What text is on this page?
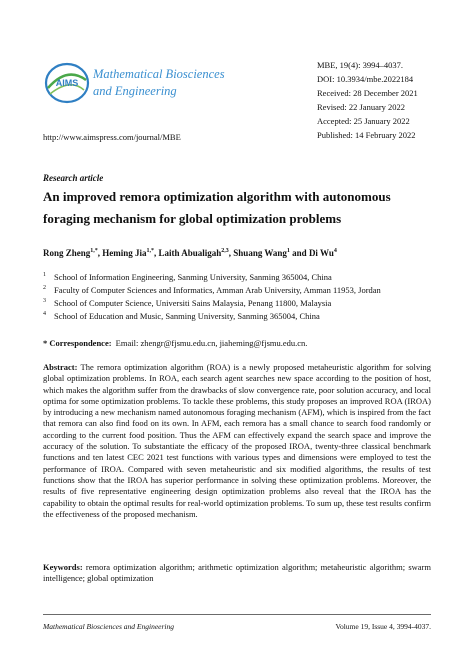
AIMS
Mathematical Biosciences
and Engineering
MBE, 19(4): 3994–4037.
DOI: 10.3934/mbe.2022184
Received: 28 December 2021
Revised: 22 January 2022
Accepted: 25 January 2022
Published: 14 February 2022
http://www.aimspress.com/journal/MBE
Research article
An improved remora optimization algorithm with autonomous foraging mechanism for global optimization problems
Rong Zheng$^{1,*}$, Heming Jia$^{1,*}$, Laith Abualigah$^{2,3}$, Shuang Wang$^1$ and Di Wu$^4$
$^1$ School of Information Engineering, Sanming University, Sanming 365004, China
$^2$ Faculty of Computer Sciences and Informatics, Amman Arab University, Amman 11953, Jordan
$^3$ School of Computer Science, Universiti Sains Malaysia, Penang 11800, Malaysia
$^4$ School of Education and Music, Sanming University, Sanming 365004, China
* Correspondence: Email: zhengr@fjsmu.edu.cn, jiaheming@fjsmu.edu.cn.
Abstract: The remora optimization algorithm (ROA) is a newly proposed metaheuristic algorithm for solving global optimization problems. In ROA, each search agent searches new space according to the position of host, which makes the algorithm suffer from the drawbacks of slow convergence rate, poor solution accuracy, and local optima for some optimization problems. To tackle these problems, this study proposes an improved ROA (IROA) by introducing a new mechanism named autonomous foraging mechanism (AFM), which is inspired from the fact that remora can also find food on its own. In AFM, each remora has a small chance to search food randomly or according to the current food position. Thus the AFM can effectively expand the search space and improve the accuracy of the solution. To substantiate the efficacy of the proposed IROA, twenty-three classical benchmark functions and ten latest CEC 2021 test functions with various types and dimensions were employed to test the performance of IROA. Compared with seven metaheuristic and six modified algorithms, the results of test functions show that the IROA has superior performance in solving these optimization problems. Moreover, the results of five representative engineering design optimization problems also reveal that the IROA has the capability to obtain the optimal results for real-world optimization problems. To sum up, these test results confirm the effectiveness of the proposed mechanism.
Keywords: remora optimization algorithm; arithmetic optimization algorithm; metaheuristic algorithm; swarm intelligence; global optimization
Mathematical Biosciences and Engineering	Volume 19, Issue 4, 3994-4037.
